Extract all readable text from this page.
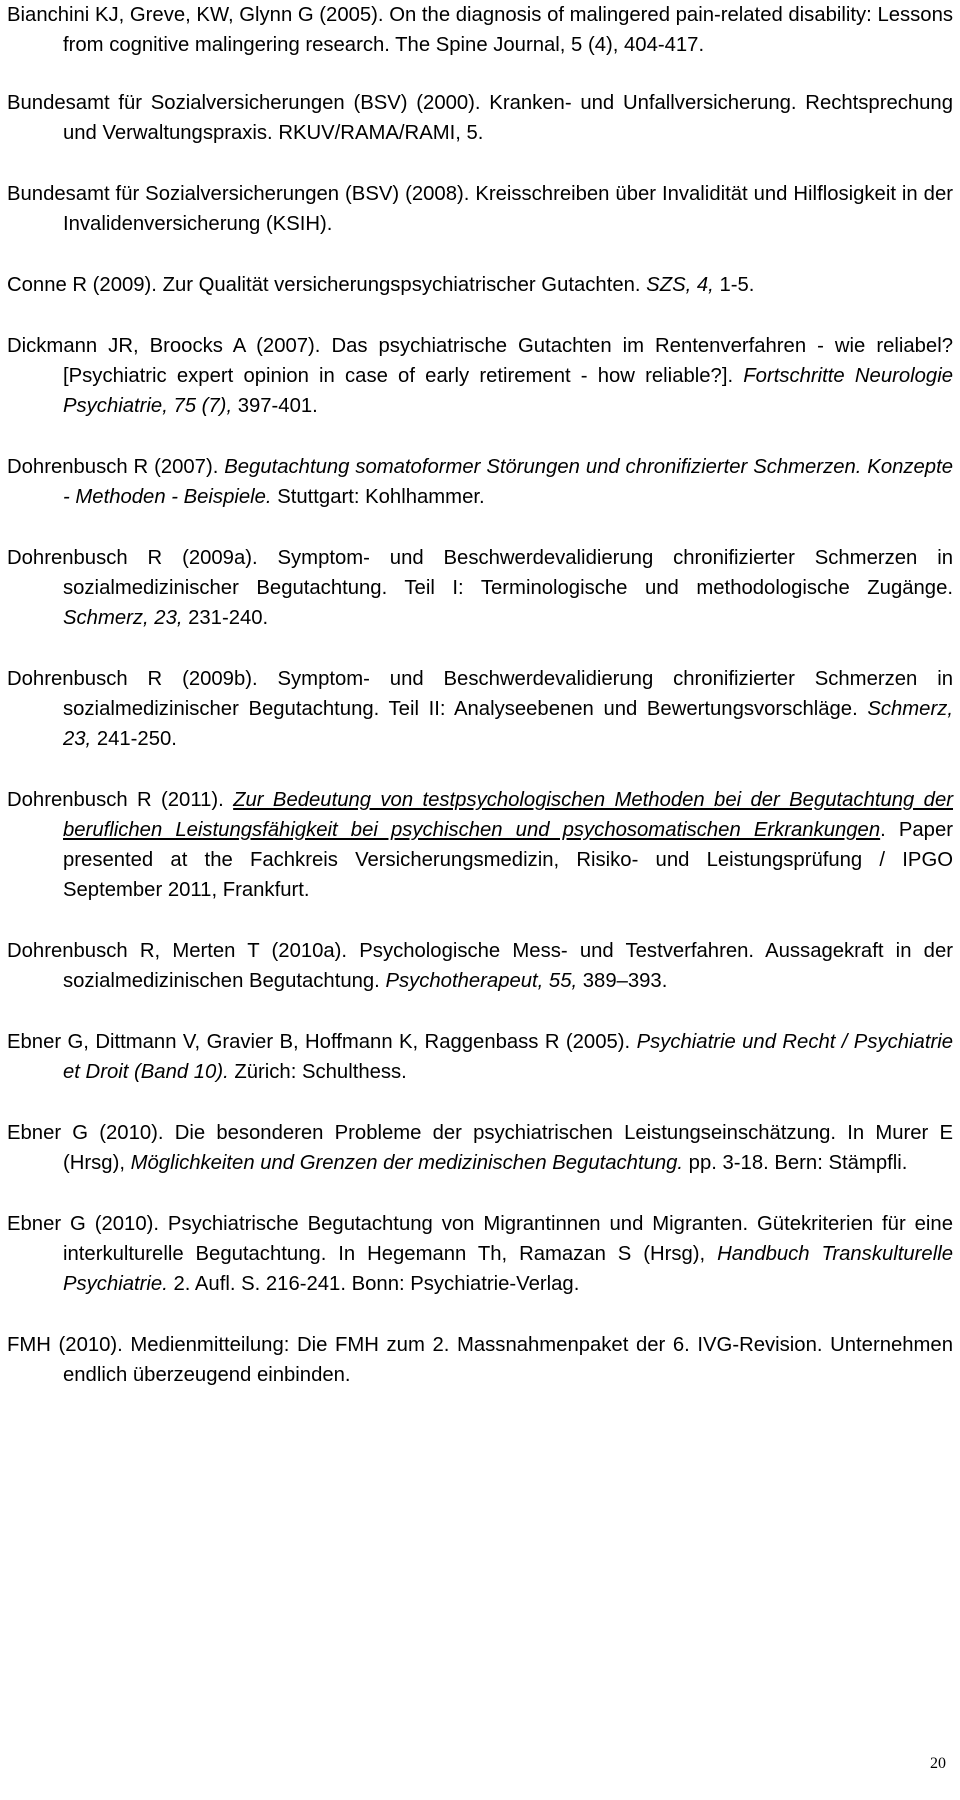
Bianchini KJ, Greve, KW, Glynn G (2005). On the diagnosis of malingered pain-related disability: Lessons from cognitive malingering research. The Spine Journal, 5 (4), 404-417.

Bundesamt für Sozialversicherungen (BSV) (2000). Kranken- und Unfallversicherung. Rechtsprechung und Verwaltungspraxis. RKUV/RAMA/RAMI, 5.

Bundesamt für Sozialversicherungen (BSV) (2008). Kreisschreiben über Invalidität und Hilflosigkeit in der Invalidenversicherung (KSIH).

Conne R (2009). Zur Qualität versicherungspsychiatrischer Gutachten. SZS, 4, 1-5.

Dickmann JR, Broocks A (2007). Das psychiatrische Gutachten im Rentenverfahren - wie reliabel? [Psychiatric expert opinion in case of early retirement - how reliable?]. Fortschritte Neurologie Psychiatrie, 75 (7), 397-401.

Dohrenbusch R (2007). Begutachtung somatoformer Störungen und chronifizierter Schmerzen. Konzepte - Methoden - Beispiele. Stuttgart: Kohlhammer.

Dohrenbusch R (2009a). Symptom- und Beschwerdevalidierung chronifizierter Schmerzen in sozialmedizinischer Begutachtung. Teil I: Terminologische und methodologische Zugänge. Schmerz, 23, 231-240.

Dohrenbusch R (2009b). Symptom- und Beschwerdevalidierung chronifizierter Schmerzen in sozialmedizinischer Begutachtung. Teil II: Analyseebenen und Bewertungsvorschläge. Schmerz, 23, 241-250.

Dohrenbusch R (2011). Zur Bedeutung von testpsychologischen Methoden bei der Begutachtung der beruflichen Leistungsfähigkeit bei psychischen und psychosomatischen Erkrankungen. Paper presented at the Fachkreis Versicherungsmedizin, Risiko- und Leistungsprüfung / IPGO September 2011, Frankfurt.

Dohrenbusch R, Merten T (2010a). Psychologische Mess- und Testverfahren. Aussagekraft in der sozialmedizinischen Begutachtung. Psychotherapeut, 55, 389–393.

Ebner G, Dittmann V, Gravier B, Hoffmann K, Raggenbass R (2005). Psychiatrie und Recht / Psychiatrie et Droit (Band 10). Zürich: Schulthess.

Ebner G (2010). Die besonderen Probleme der psychiatrischen Leistungseinschätzung. In Murer E (Hrsg), Möglichkeiten und Grenzen der medizinischen Begutachtung. pp. 3-18. Bern: Stämpfli.

Ebner G (2010). Psychiatrische Begutachtung von Migrantinnen und Migranten. Gütekriterien für eine interkulturelle Begutachtung. In Hegemann Th, Ramazan S (Hrsg), Handbuch Transkulturelle Psychiatrie. 2. Aufl. S. 216-241. Bonn: Psychiatrie-Verlag.

FMH (2010). Medienmitteilung: Die FMH zum 2. Massnahmenpaket der 6. IVG-Revision. Unternehmen endlich überzeugend einbinden.

20
